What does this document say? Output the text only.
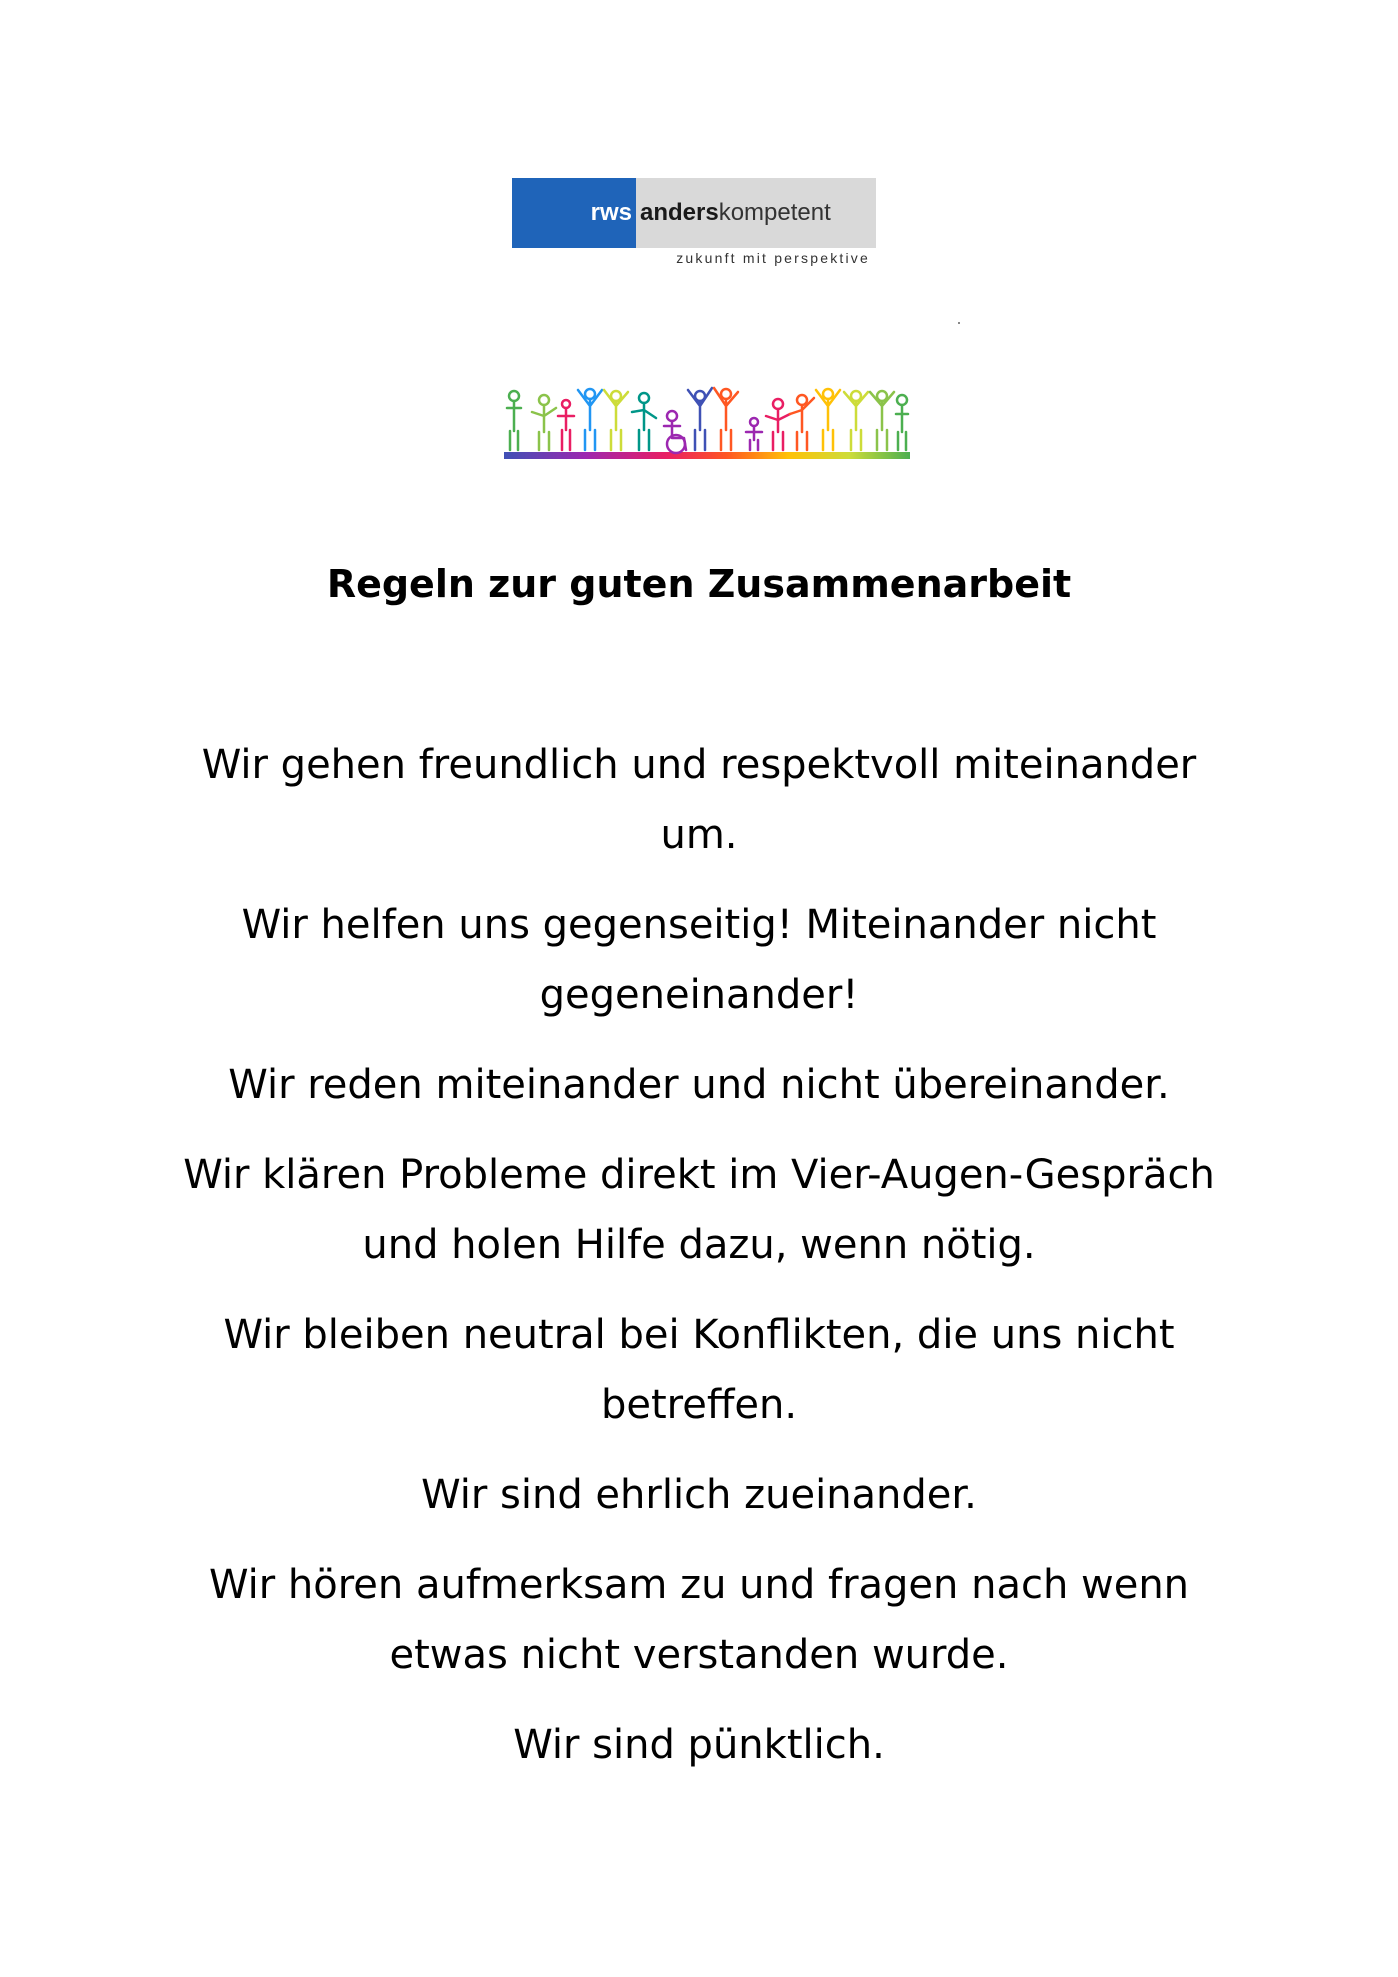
rws anders kompetent
zukunft mit perspektive
Regeln zur guten Zusammenarbeit

Wir gehen freundlich und respektvoll miteinander um.

Wir helfen uns gegenseitig! Miteinander nicht gegeneinander!

Wir reden miteinander und nicht übereinander.

Wir klären Probleme direkt im Vier-Augen-Gespräch und holen Hilfe dazu, wenn nötig.

Wir bleiben neutral bei Konflikten, die uns nicht betreffen.

Wir sind ehrlich zueinander.

Wir hören aufmerksam zu und fragen nach wenn etwas nicht verstanden wurde.

Wir sind pünktlich.
